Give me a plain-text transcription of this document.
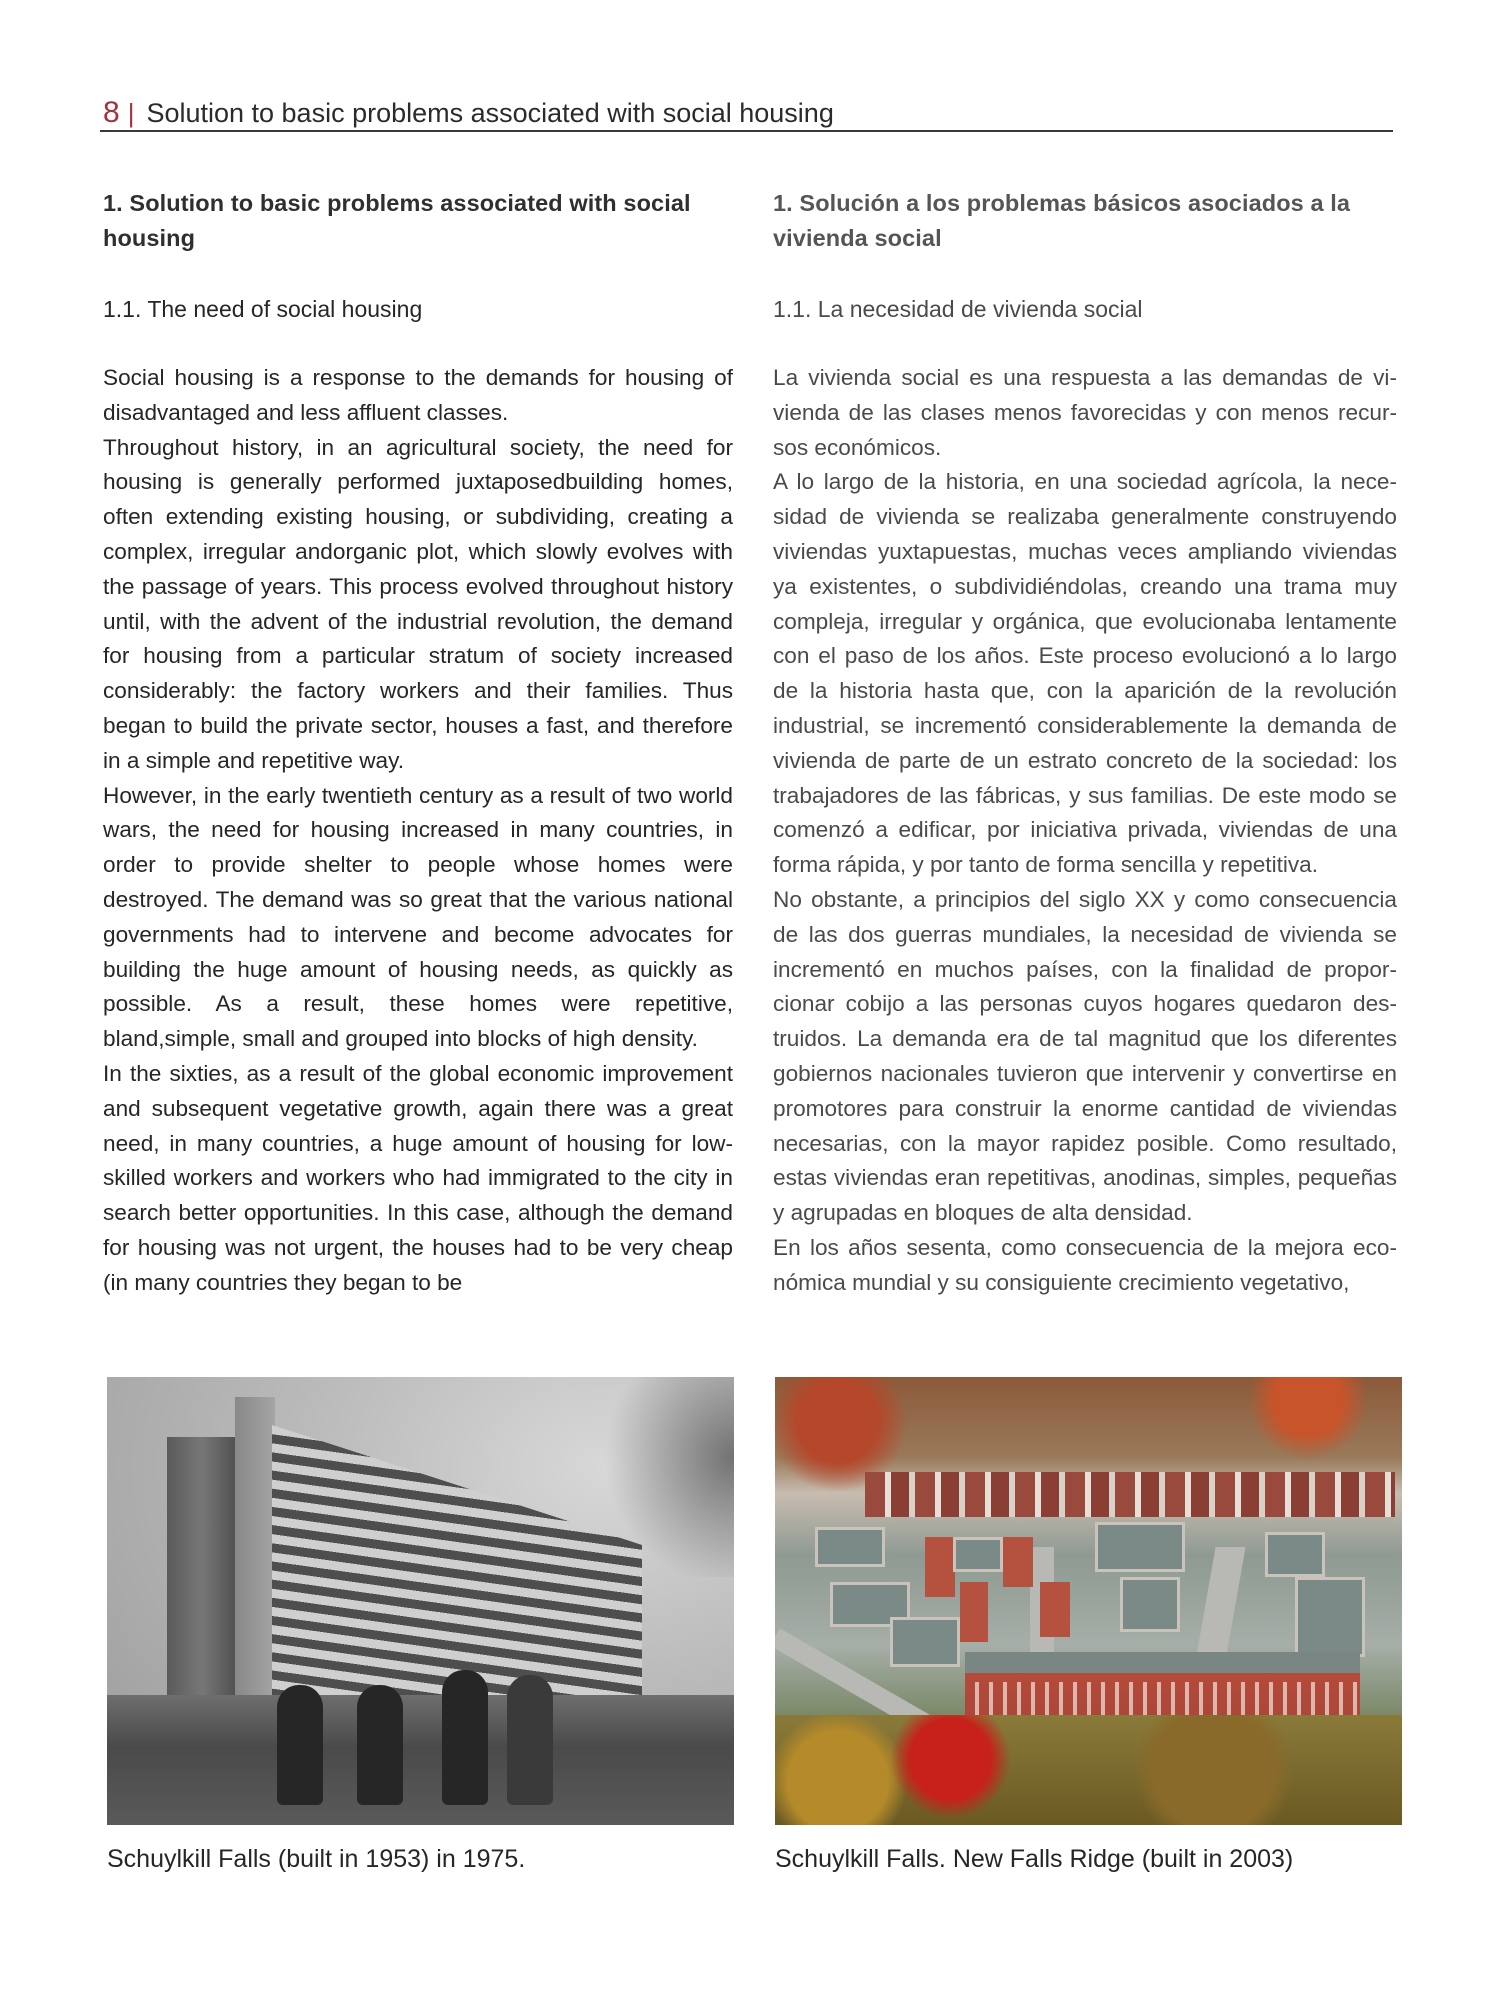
8 | Solution to basic problems associated with social housing
1. Solution to basic problems associated with social housing
1.1. The need of social housing

Social housing is a response to the demands for housing of disadvantaged and less affluent classes.

Throughout history, in an agricultural society, the need for housing is generally performed juxtaposedbuilding homes, often extending existing housing, or subdividing, creating a complex, irregular andorganic plot, which slowly evolves with the passage of years. This process evolved throughout history until, with the advent of the industrial revolution, the demand for housing from a particular stratum of society increased considerably: the factory workers and their families. Thus began to build the private sector, houses a fast, and therefore in a simple and repetitive way.

However, in the early twentieth century as a result of two world wars, the need for housing increased in many countries, in order to provide shelter to people whose homes were destroyed. The demand was so great that the various national governments had to intervene and become advocates for building the huge amount of housing needs, as quickly as possible. As a result, these homes were repetitive, bland,simple, small and grouped into blocks of high density.

In the sixties, as a result of the global economic improvement and subsequent vegetative growth, again there was a great need, in many countries, a huge amount of housing for low-skilled workers and workers who had immigrated to the city in search better opportunities. In this case, although the demand for housing was not urgent, the houses had to be very cheap (in many countries they began to be

1. Solución a los problemas básicos asociados a la vivienda social
1.1. La necesidad de vivienda social

La vivienda social es una respuesta a las demandas de vivienda de las clases menos favorecidas y con menos recursos económicos.

A lo largo de la historia, en una sociedad agrícola, la necesidad de vivienda se realizaba generalmente construyendo viviendas yuxtapuestas, muchas veces ampliando viviendas ya existentes, o subdividiéndolas, creando una trama muy compleja, irregular y orgánica, que evolucionaba lentamente con el paso de los años. Este proceso evolucionó a lo largo de la historia hasta que, con la aparición de la revolución industrial, se incrementó considerablemente la demanda de vivienda de parte de un estrato concreto de la sociedad: los trabajadores de las fábricas, y sus familias. De este modo se comenzó a edificar, por iniciativa privada, viviendas de una forma rápida, y por tanto de forma sencilla y repetitiva.

No obstante, a principios del siglo XX y como consecuencia de las dos guerras mundiales, la necesidad de vivienda se incrementó en muchos países, con la finalidad de proporcionar cobijo a las personas cuyos hogares quedaron destruidos. La demanda era de tal magnitud que los diferentes gobiernos nacionales tuvieron que intervenir y convertirse en promotores para construir la enorme cantidad de viviendas necesarias, con la mayor rapidez posible. Como resultado, estas viviendas eran repetitivas, anodinas, simples, pequeñas y agrupadas en bloques de alta densidad.

En los años sesenta, como consecuencia de la mejora económica mundial y su consiguiente crecimiento vegetativo,

Schuylkill Falls (built in 1953) in 1975.	Schuylkill Falls. New Falls Ridge (built in 2003)
